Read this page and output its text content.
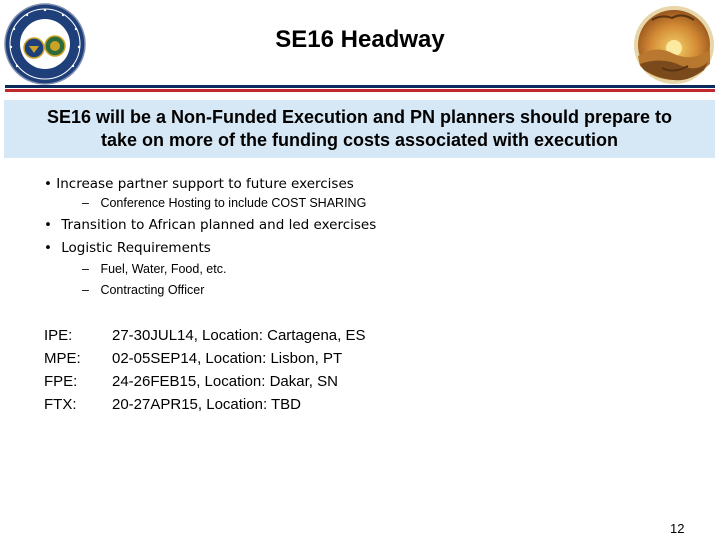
SE16 Headway
SE16 will be a Non-Funded Execution and PN planners should prepare to
take on more of the funding costs associated with execution
• Increase partner support to future exercises
– Conference Hosting to include COST SHARING
• Transition to African planned and led exercises
• Logistic Requirements
– Fuel, Water, Food, etc.
– Contracting Officer
IPE:	27-30JUL14, Location: Cartagena, ES
MPE: 02-05SEP14, Location: Lisbon, PT
FPE: 24-26FEB15, Location: Dakar, SN
FTX: 20-27APR15, Location: TBD
12
